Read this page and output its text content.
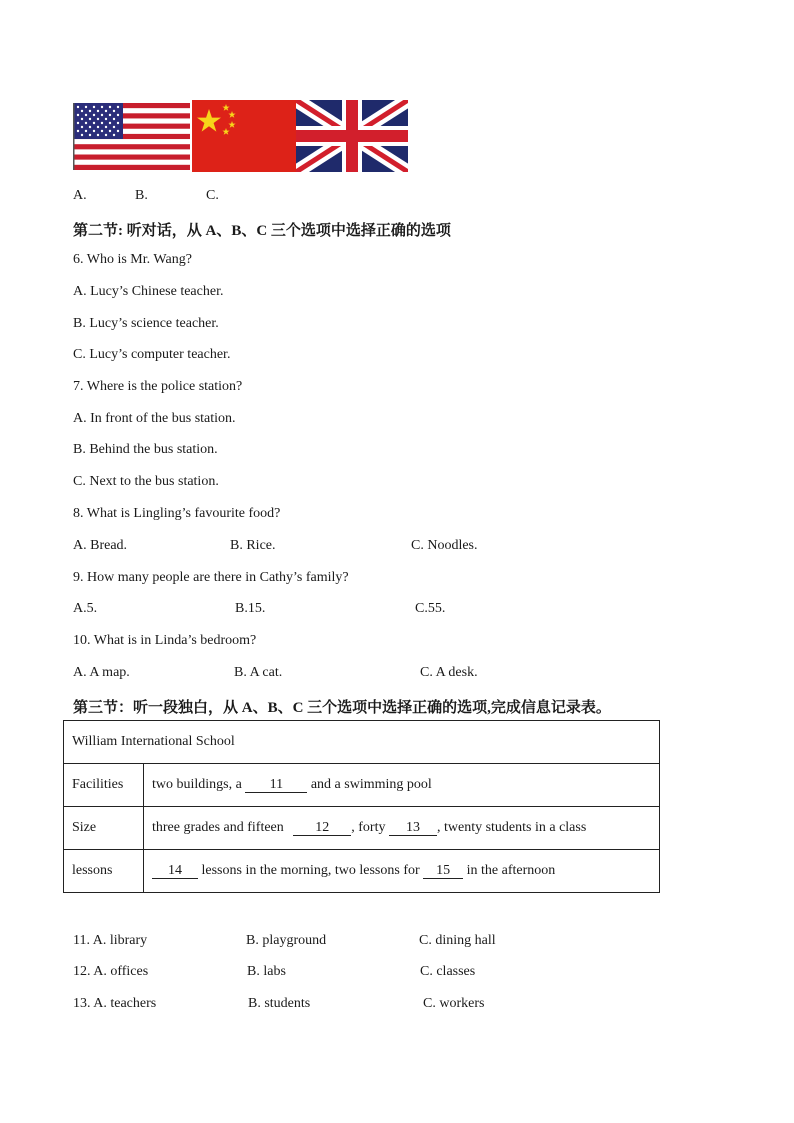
A.	B.	C.
第二节: 听对话，从 A、B、C 三个选项中选择正确的选项
6. Who is Mr. Wang?
A. Lucy’s Chinese teacher.
B. Lucy’s science teacher.
C. Lucy’s computer teacher.
7. Where is the police station?
A. In front of the bus station.
B. Behind the bus station.
C. Next to the bus station.
8. What is Lingling’s favourite food?
A. Bread.	B. Rice.	C. Noodles.
9. How many people are there in Cathy’s family?
A.5.	B.15.	C.55.
10. What is in Linda’s bedroom?
A. A map.	B. A cat.	C. A desk.
第三节：听一段独白，从 A、B、C 三个选项中选择正确的选项,完成信息记录表。
William International School	
Facilities	two buildings, a 11 and a swimming pool
Size	three grades and fifteen 12 , forty 13 , twenty students in a class
lessons	14 lessons in the morning, two lessons for 15 in the afternoon
11. A. library	B. playground	C. dining hall
12. A. offices	B. labs	C. classes
13. A. teachers	B. students	C. workers
